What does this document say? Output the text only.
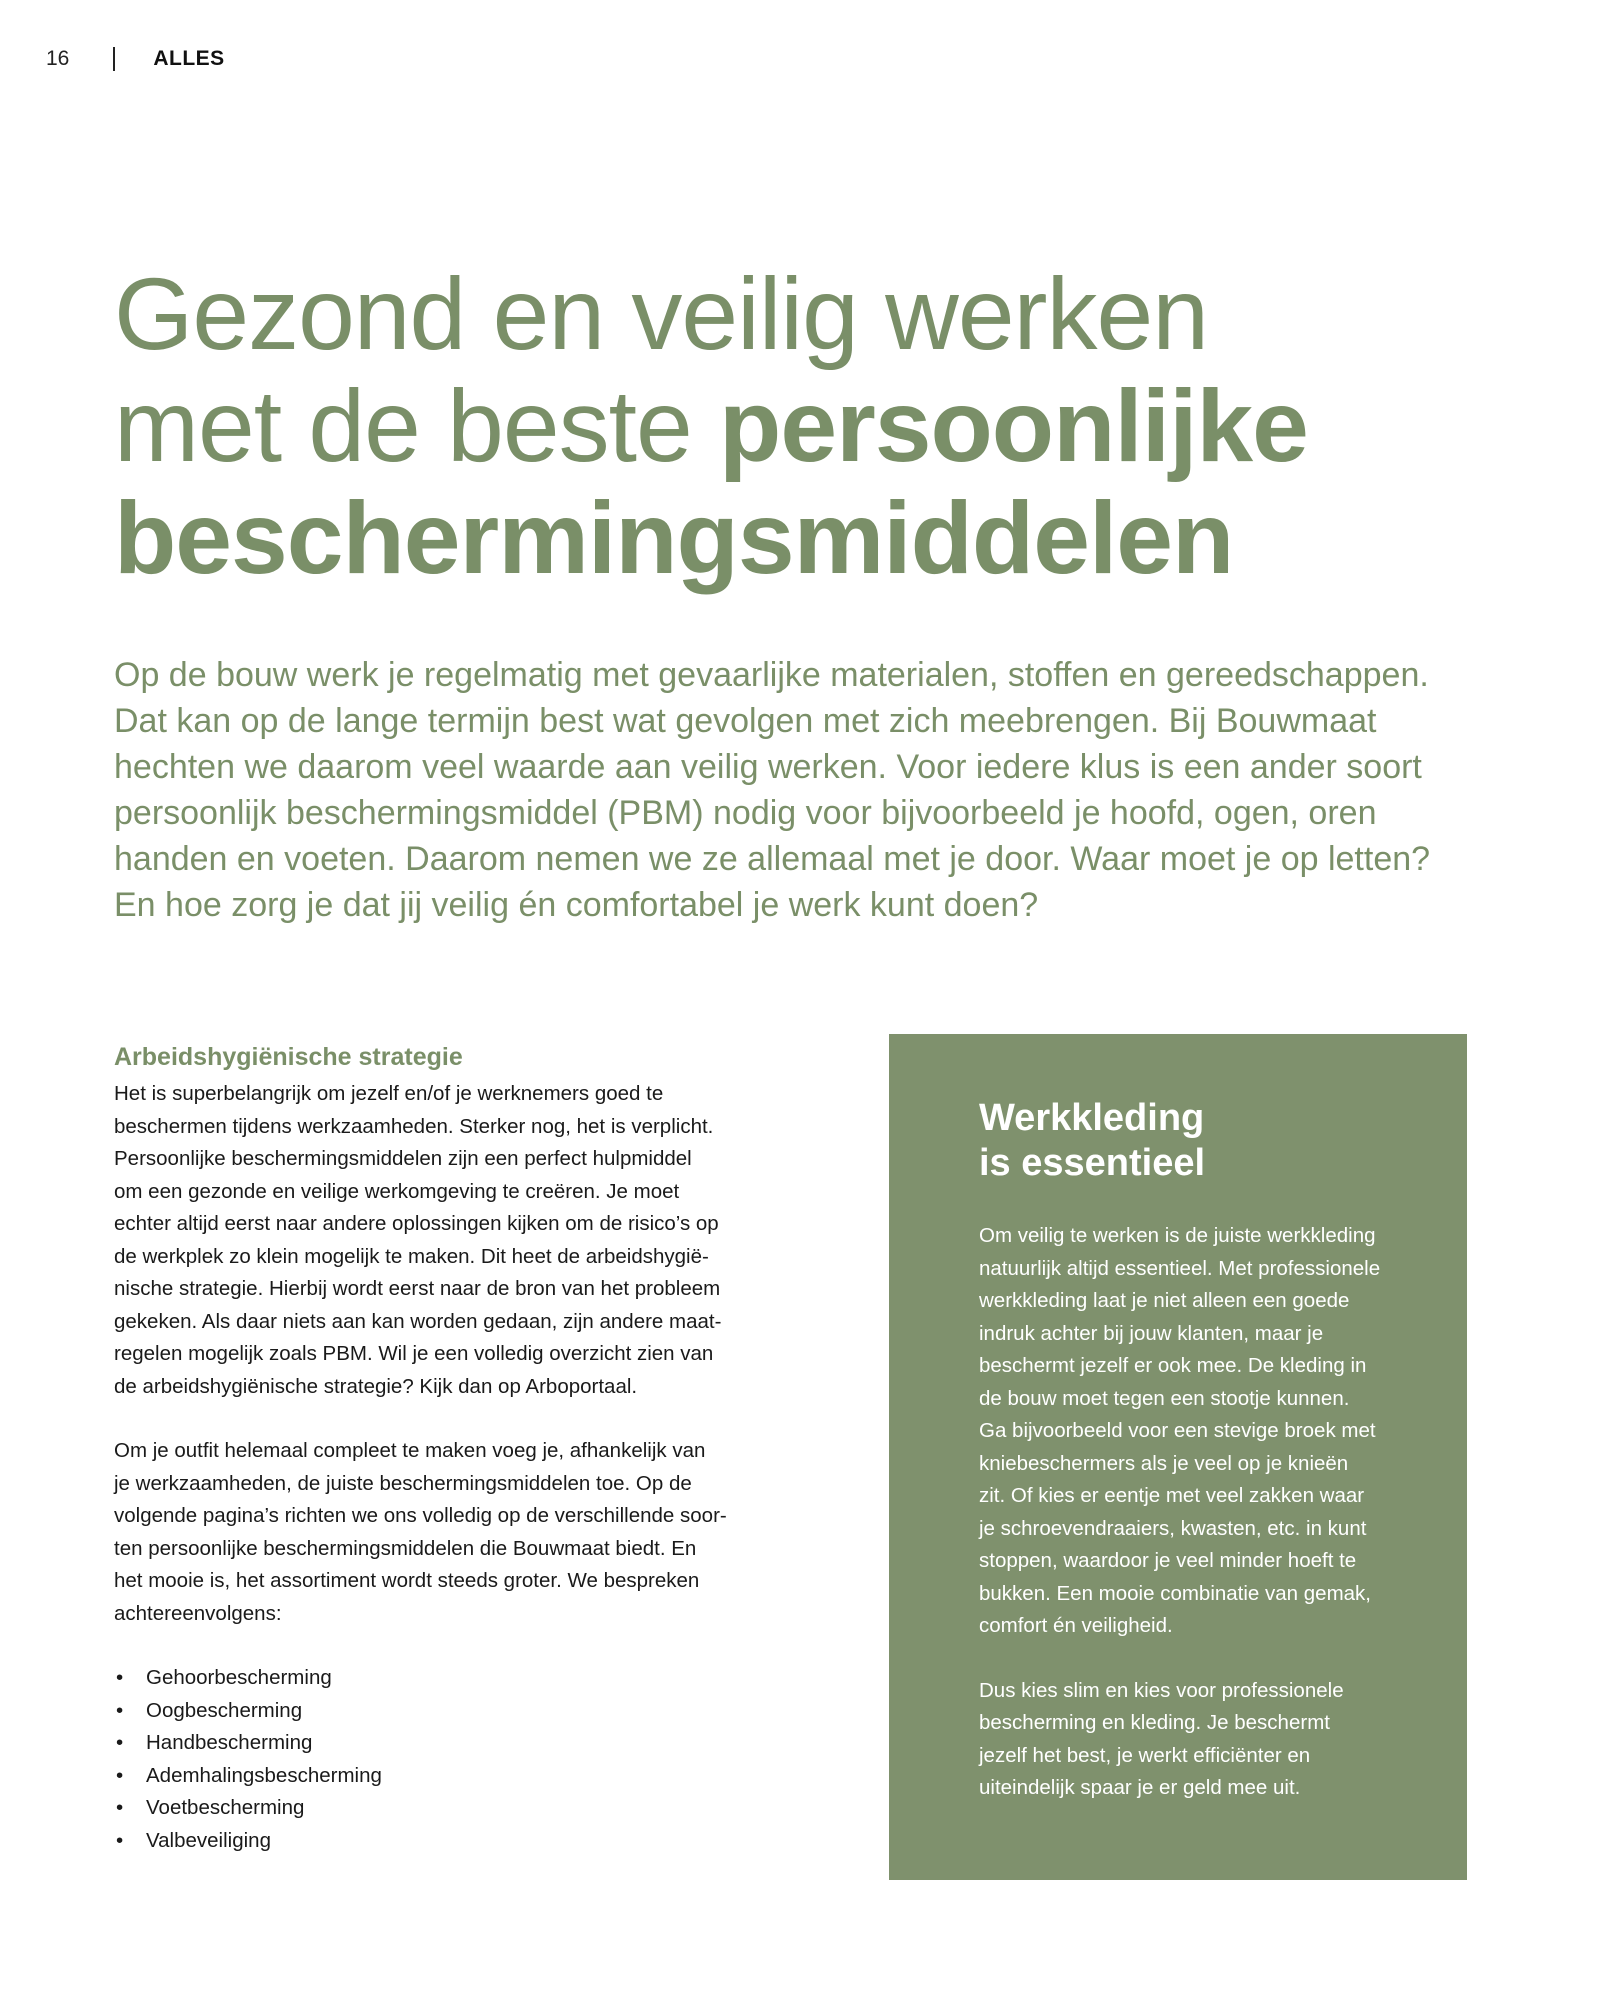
16	ALLES
Gezond en veilig werken
met de beste persoonlijke
beschermingsmiddelen

Op de bouw werk je regelmatig met gevaarlijke materialen, stoffen en gereedschappen.
Dat kan op de lange termijn best wat gevolgen met zich meebrengen. Bij Bouwmaat
hechten we daarom veel waarde aan veilig werken. Voor iedere klus is een ander soort
persoonlijk beschermingsmiddel (PBM) nodig voor bijvoorbeeld je hoofd, ogen, oren
handen en voeten. Daarom nemen we ze allemaal met je door. Waar moet je op letten?
En hoe zorg je dat jij veilig én comfortabel je werk kunt doen?

Arbeidshygiënische strategie

Het is superbelangrijk om jezelf en/of je werknemers goed te
beschermen tijdens werkzaamheden. Sterker nog, het is verplicht.
Persoonlijke beschermingsmiddelen zijn een perfect hulpmiddel
om een gezonde en veilige werkomgeving te creëren. Je moet
echter altijd eerst naar andere oplossingen kijken om de risico’s op
de werkplek zo klein mogelijk te maken. Dit heet de arbeidshygië-
nische strategie. Hierbij wordt eerst naar de bron van het probleem
gekeken. Als daar niets aan kan worden gedaan, zijn andere maat-
regelen mogelijk zoals PBM. Wil je een volledig overzicht zien van
de arbeidshygiënische strategie? Kijk dan op Arboportaal.

Om je outfit helemaal compleet te maken voeg je, afhankelijk van
je werkzaamheden, de juiste beschermingsmiddelen toe. Op de
volgende pagina’s richten we ons volledig op de verschillende soor-
ten persoonlijke beschermingsmiddelen die Bouwmaat biedt. En
het mooie is, het assortiment wordt steeds groter. We bespreken
achtereenvolgens:

• Gehoorbescherming
• Oogbescherming
• Handbescherming
• Ademhalingsbescherming
• Voetbescherming
• Valbeveiliging
Werkkleding
is essentieel

Om veilig te werken is de juiste werkkleding
natuurlijk altijd essentieel. Met professionele
werkkleding laat je niet alleen een goede
indruk achter bij jouw klanten, maar je
beschermt jezelf er ook mee. De kleding in
de bouw moet tegen een stootje kunnen.
Ga bijvoorbeeld voor een stevige broek met
kniebeschermers als je veel op je knieën
zit. Of kies er eentje met veel zakken waar
je schroevendraaiers, kwasten, etc. in kunt
stoppen, waardoor je veel minder hoeft te
bukken. Een mooie combinatie van gemak,
comfort én veiligheid.

Dus kies slim en kies voor professionele
bescherming en kleding. Je beschermt
jezelf het best, je werkt efficiënter en
uiteindelijk spaar je er geld mee uit.
